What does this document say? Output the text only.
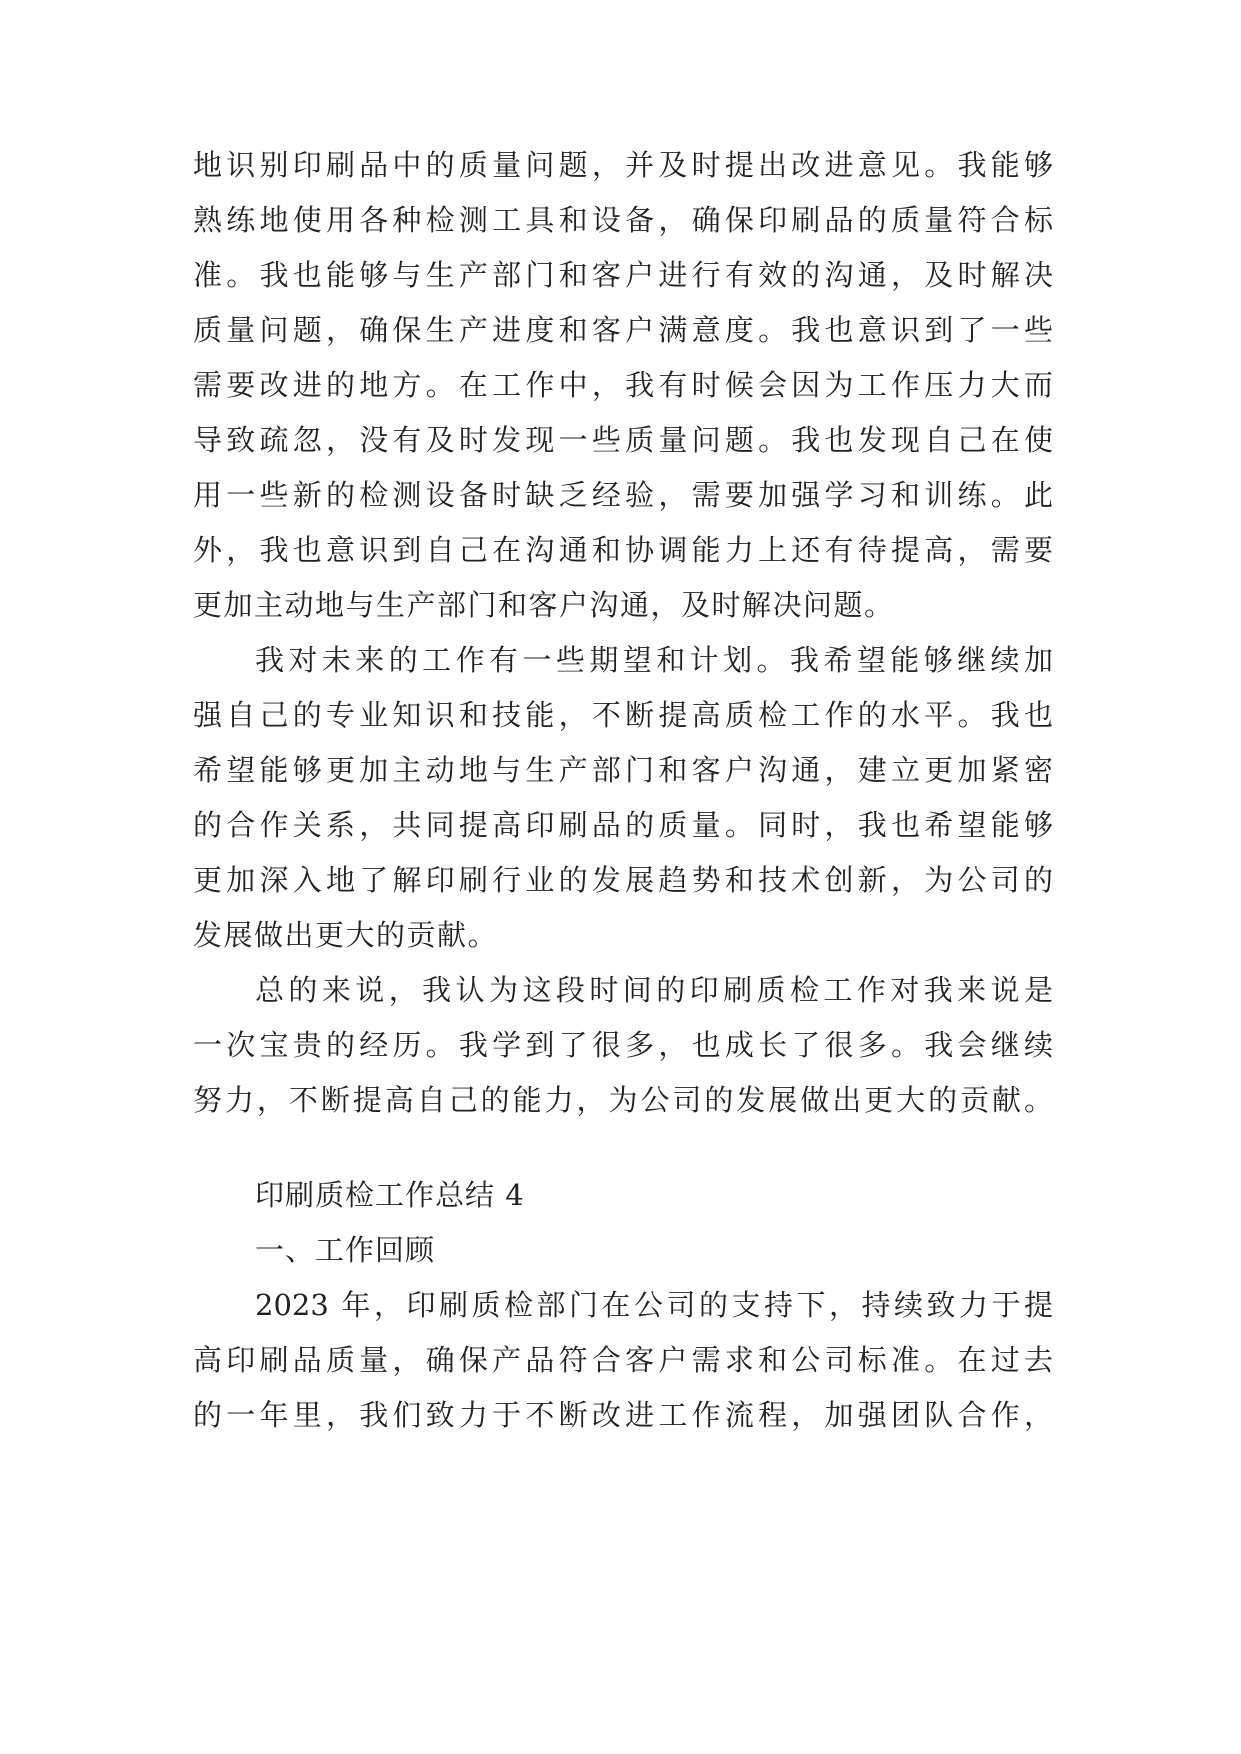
地识别印刷品中的质量问题，并及时提出改进意见。我能够
熟练地使用各种检测工具和设备，确保印刷品的质量符合标
准。我也能够与生产部门和客户进行有效的沟通，及时解决
质量问题，确保生产进度和客户满意度。我也意识到了一些
需要改进的地方。在工作中，我有时候会因为工作压力大而
导致疏忽，没有及时发现一些质量问题。我也发现自己在使
用一些新的检测设备时缺乏经验，需要加强学习和训练。此
外，我也意识到自己在沟通和协调能力上还有待提高，需要
更加主动地与生产部门和客户沟通，及时解决问题。
我对未来的工作有一些期望和计划。我希望能够继续加
强自己的专业知识和技能，不断提高质检工作的水平。我也
希望能够更加主动地与生产部门和客户沟通，建立更加紧密
的合作关系，共同提高印刷品的质量。同时，我也希望能够
更加深入地了解印刷行业的发展趋势和技术创新，为公司的
发展做出更大的贡献。
总的来说，我认为这段时间的印刷质检工作对我来说是
一次宝贵的经历。我学到了很多，也成长了很多。我会继续
努力，不断提高自己的能力，为公司的发展做出更大的贡献。
印刷质检工作总结 4
一、工作回顾
2023 年，印刷质检部门在公司的支持下，持续致力于提
高印刷品质量，确保产品符合客户需求和公司标准。在过去
的一年里，我们致力于不断改进工作流程，加强团队合作，
